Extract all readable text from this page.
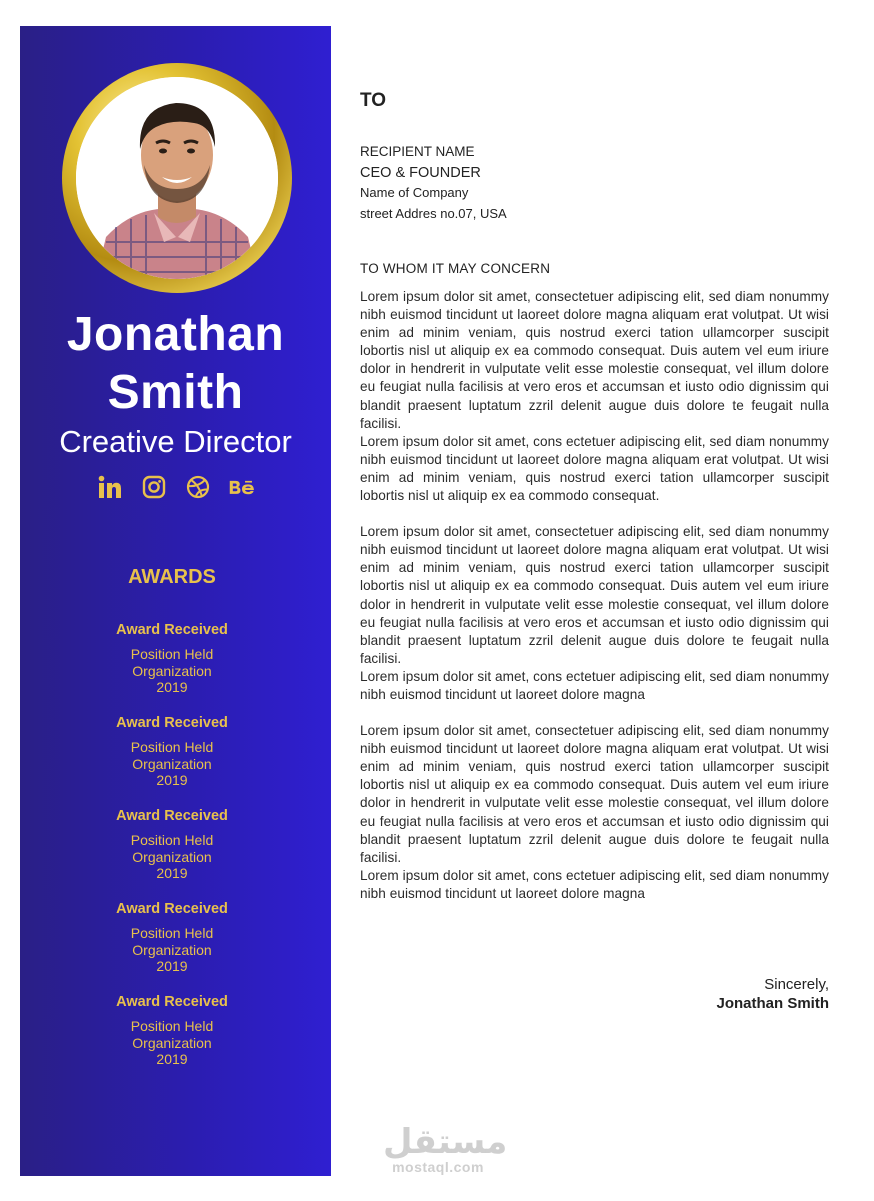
Jonathan
Smith
Creative Director
AWARDS
Award Received
Position Held
Organization
2019
Award Received
Position Held
Organization
2019
Award Received
Position Held
Organization
2019
Award Received
Position Held
Organization
2019
Award Received
Position Held
Organization
2019
TO
RECIPIENT NAME
CEO & FOUNDER
Name of Company
street Addres no.07, USA
TO WHOM IT MAY CONCERN

Lorem ipsum dolor sit amet, consectetuer adipiscing elit, sed diam nonummy nibh euismod tincidunt ut laoreet dolore magna aliquam erat volutpat. Ut wisi enim ad minim veniam, quis nostrud exerci tation ullamcorper suscipit lobortis nisl ut aliquip ex ea commodo consequat. Duis autem vel eum iriure dolor in hendrerit in vulputate velit esse molestie consequat, vel illum dolore eu feugiat nulla facilisis at vero eros et accumsan et iusto odio dignissim qui blandit praesent luptatum zzril delenit augue duis dolore te feugait nulla facilisi.

Lorem ipsum dolor sit amet, cons ectetuer adipiscing elit, sed diam nonummy nibh euismod tincidunt ut laoreet dolore magna aliquam erat volutpat. Ut wisi enim ad minim veniam, quis nostrud exerci tation ullamcorper suscipit lobortis nisl ut aliquip ex ea commodo consequat.

Lorem ipsum dolor sit amet, consectetuer adipiscing elit, sed diam nonummy nibh euismod tincidunt ut laoreet dolore magna aliquam erat volutpat. Ut wisi enim ad minim veniam, quis nostrud exerci tation ullamcorper suscipit lobortis nisl ut aliquip ex ea commodo consequat. Duis autem vel eum iriure dolor in hendrerit in vulputate velit esse molestie consequat, vel illum dolore eu feugiat nulla facilisis at vero eros et accumsan et iusto odio dignissim qui blandit praesent luptatum zzril delenit augue duis dolore te feugait nulla facilisi.

Lorem ipsum dolor sit amet, cons ectetuer adipiscing elit, sed diam nonummy nibh euismod tincidunt ut laoreet dolore magna

Lorem ipsum dolor sit amet, consectetuer adipiscing elit, sed diam nonummy nibh euismod tincidunt ut laoreet dolore magna aliquam erat volutpat. Ut wisi enim ad minim veniam, quis nostrud exerci tation ullamcorper suscipit lobortis nisl ut aliquip ex ea commodo consequat. Duis autem vel eum iriure dolor in hendrerit in vulputate velit esse molestie consequat, vel illum dolore eu feugiat nulla facilisis at vero eros et accumsan et iusto odio dignissim qui blandit praesent luptatum zzril delenit augue duis dolore te feugait nulla facilisi.

Lorem ipsum dolor sit amet, cons ectetuer adipiscing elit, sed diam nonummy nibh euismod tincidunt ut laoreet dolore magna

Sincerely,
Jonathan Smith
مستقل
mostaql.com
